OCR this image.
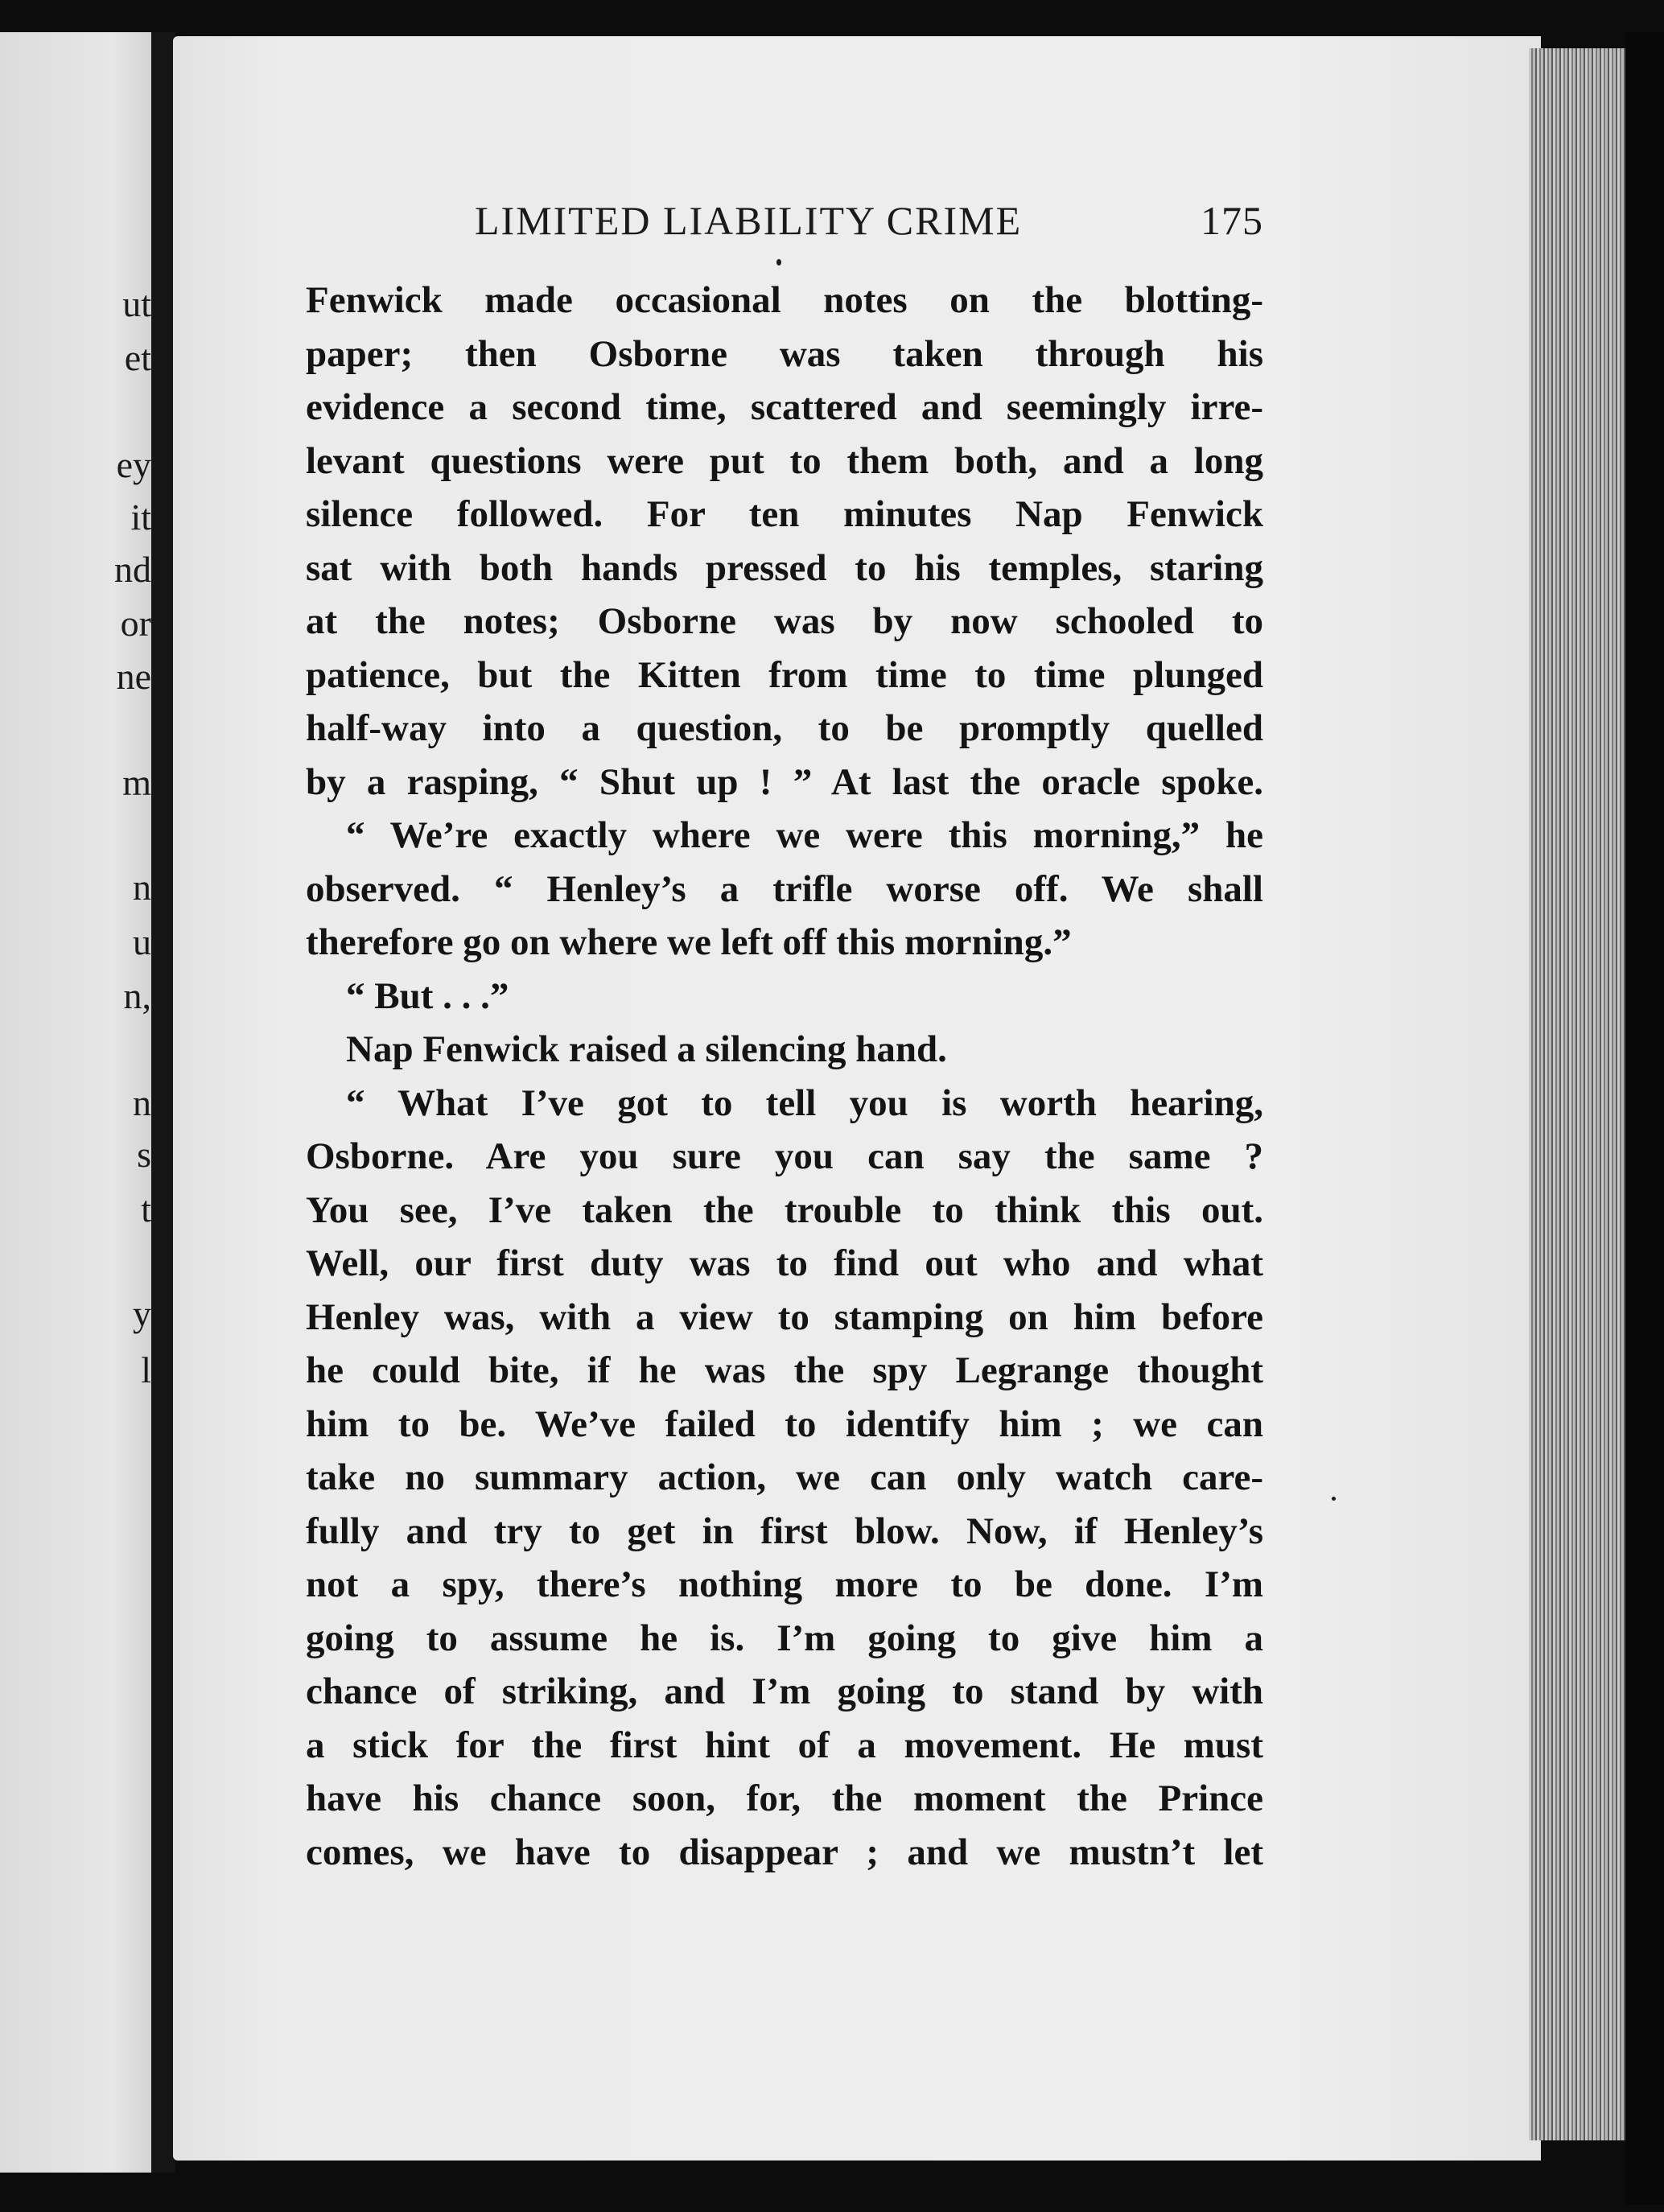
ut
et
ey
it
nd
or
ne
m
n
u
n,
n
s
t
y
l
LIMITED LIABILITY CRIME	175
Fenwick made occasional notes on the blotting-
paper; then Osborne was taken through his
evidence a second time, scattered and seemingly irre-
levant questions were put to them both, and a long
silence followed. For ten minutes Nap Fenwick
sat with both hands pressed to his temples, staring
at the notes; Osborne was by now schooled to
patience, but the Kitten from time to time plunged
half-way into a question, to be promptly quelled
by a rasping, “ Shut up ! ” At last the oracle spoke.
“ We’re exactly where we were this morning,” he
observed. “ Henley’s a trifle worse off. We shall
therefore go on where we left off this morning.”
“ But . . .”
Nap Fenwick raised a silencing hand.
“ What I’ve got to tell you is worth hearing,
Osborne. Are you sure you can say the same ?
You see, I’ve taken the trouble to think this out.
Well, our first duty was to find out who and what
Henley was, with a view to stamping on him before
he could bite, if he was the spy Legrange thought
him to be. We’ve failed to identify him ; we can
take no summary action, we can only watch care-
fully and try to get in first blow. Now, if Henley’s
not a spy, there’s nothing more to be done. I’m
going to assume he is. I’m going to give him a
chance of striking, and I’m going to stand by with
a stick for the first hint of a movement. He must
have his chance soon, for, the moment the Prince
comes, we have to disappear ; and we mustn’t let
